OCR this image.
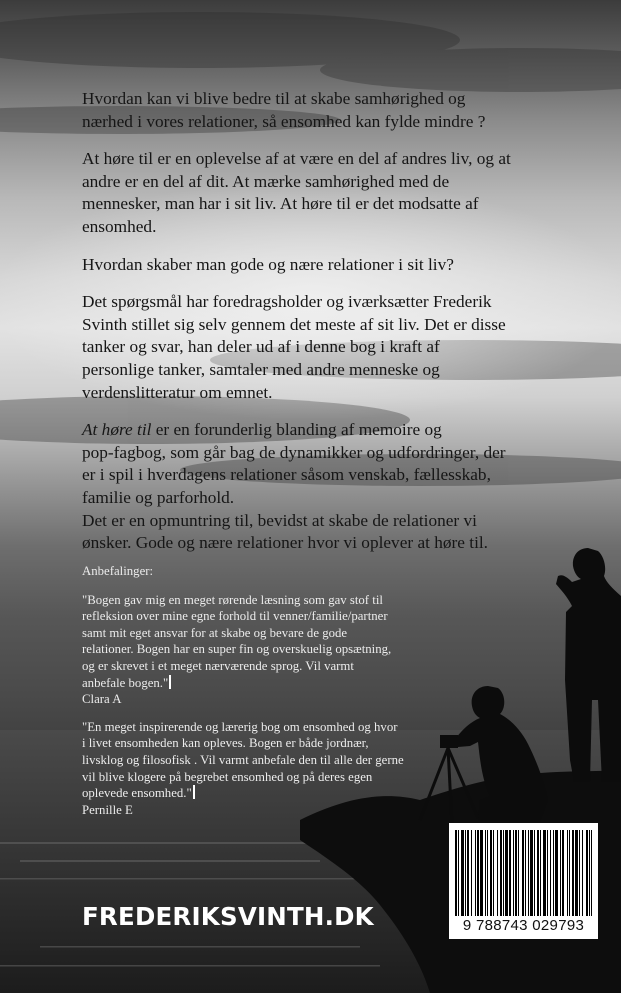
Hvordan kan vi blive bedre til at skabe samhørighed og
nærhed i vores relationer, så ensomhed kan fylde mindre ?

At høre til er en oplevelse af at være en del af andres liv, og at
andre er en del af dit. At mærke samhørighed med de
mennesker, man har i sit liv. At høre til er det modsatte af
ensomhed.

Hvordan skaber man gode og nære relationer i sit liv?

Det spørgsmål har foredragsholder og iværksætter Frederik
Svinth stillet sig selv gennem det meste af sit liv. Det er disse
tanker og svar, han deler ud af i denne bog i kraft af
personlige tanker, samtaler med andre menneske og
verdenslitteratur om emnet.

At høre til er en forunderlig blanding af memoire og
pop-fagbog, som går bag de dynamikker og udfordringer, der
er i spil i hverdagens relationer såsom venskab, fællesskab,
familie og parforhold.

Det er en opmuntring til, bevidst at skabe de relationer vi
ønsker. Gode og nære relationer hvor vi oplever at høre til.

Anbefalinger:

"Bogen gav mig en meget rørende læsning som gav stof til
refleksion over mine egne forhold til venner/familie/partner
samt mit eget ansvar for at skabe og bevare de gode
relationer. Bogen har en super fin og overskuelig opsætning,
og er skrevet i et meget nærværende sprog. Vil varmt
anbefale bogen."
Clara A

"En meget inspirerende og lærerig bog om ensomhed og hvor
i livet ensomheden kan opleves. Bogen er både jordnær,
livsklog og filosofisk . Vil varmt anbefale den til alle der gerne
vil blive klogere på begrebet ensomhed og på deres egen
oplevede ensomhed."
Pernille E

FREDERIKSVINTH.DK	9 788743 029793
